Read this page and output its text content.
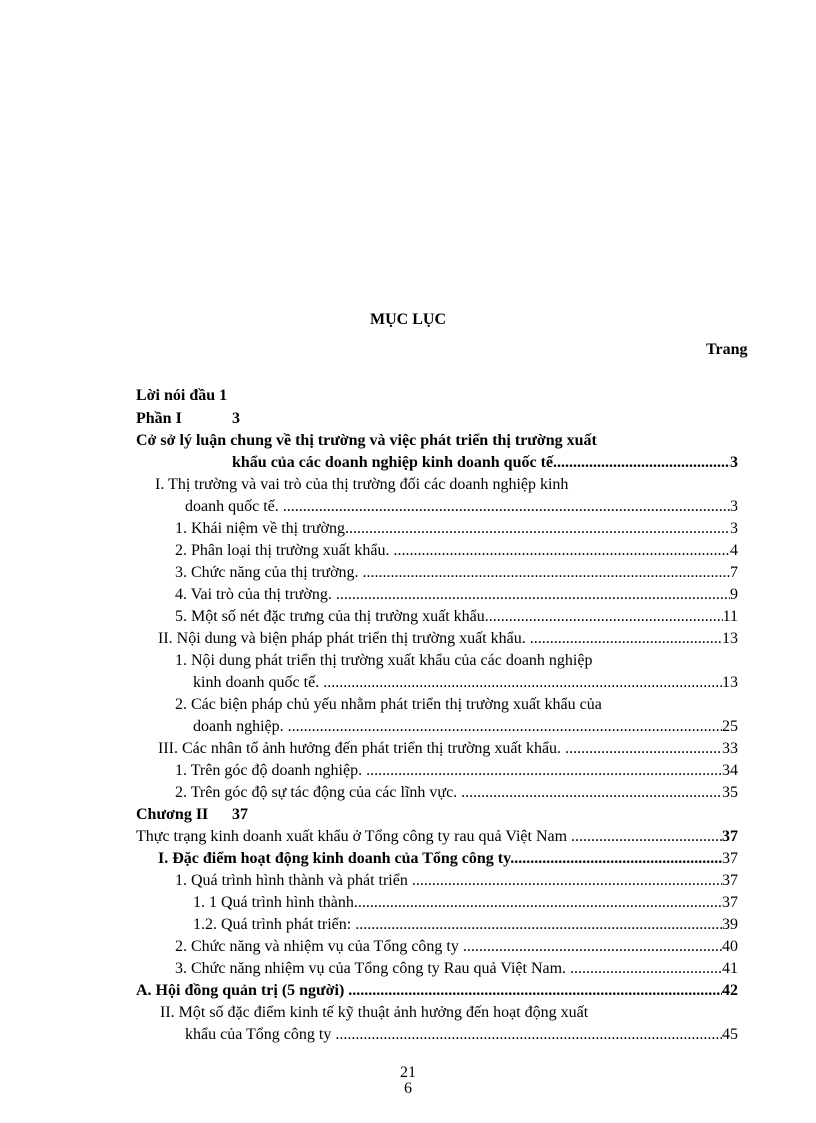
MỤC LỤC
Trang
Lời nói đầu 1
Phần I	3
Cở sở lý luận chung về thị trường và việc phát triển thị trường xuất
khẩu của các doanh nghiệp kinh doanh quốc tế .....	3
I. Thị trường và vai trò của thị trường đối các doanh nghiệp kinh
doanh quốc tế. .....	3
1. Khái niệm về thị trường. .....	3
2. Phân loại thị trường xuất khẩu. .....	4
3. Chức năng của thị trường. .....	7
4. Vai trò của thị trường. .....	9
5. Một số nét đặc trưng của thị trường xuất khẩu. .....	11
II. Nội dung và biện pháp phát triển thị trường xuất khẩu. .....	13
1. Nội dung phát triển thị trường xuất khẩu của các doanh nghiệp
kinh doanh quốc tế. .....	13
2. Các biện pháp chủ yếu nhằm phát triển thị trường xuất khẩu của
doanh nghiệp. .....	25
III. Các nhân tố ảnh hưởng đến phát triển thị trường xuất khẩu. .....	33
1. Trên góc độ doanh nghiệp. .....	34
2. Trên góc độ sự tác động của các lĩnh vực. .....	35
Chương II 37
Thực trạng kinh doanh xuất khẩu ở Tổng công ty rau quả Việt Nam .....	37
I. Đặc điểm hoạt động kinh doanh của Tổng công ty .....	37
1. Quá trình hình thành và phát triển .....	37
1. 1 Quá trình hình thành .....	37
1.2. Quá trình phát triển: .....	39
2. Chức năng và nhiệm vụ của Tổng công ty .....	40
3. Chức năng nhiệm vụ của Tổng công ty Rau quả Việt Nam. .....	41
A. Hội đồng quản trị (5 người) .....	42
II. Một số đặc điểm kinh tế kỹ thuật ảnh hưởng đến hoạt động xuất
khẩu của Tổng công ty .....	45
21
6
